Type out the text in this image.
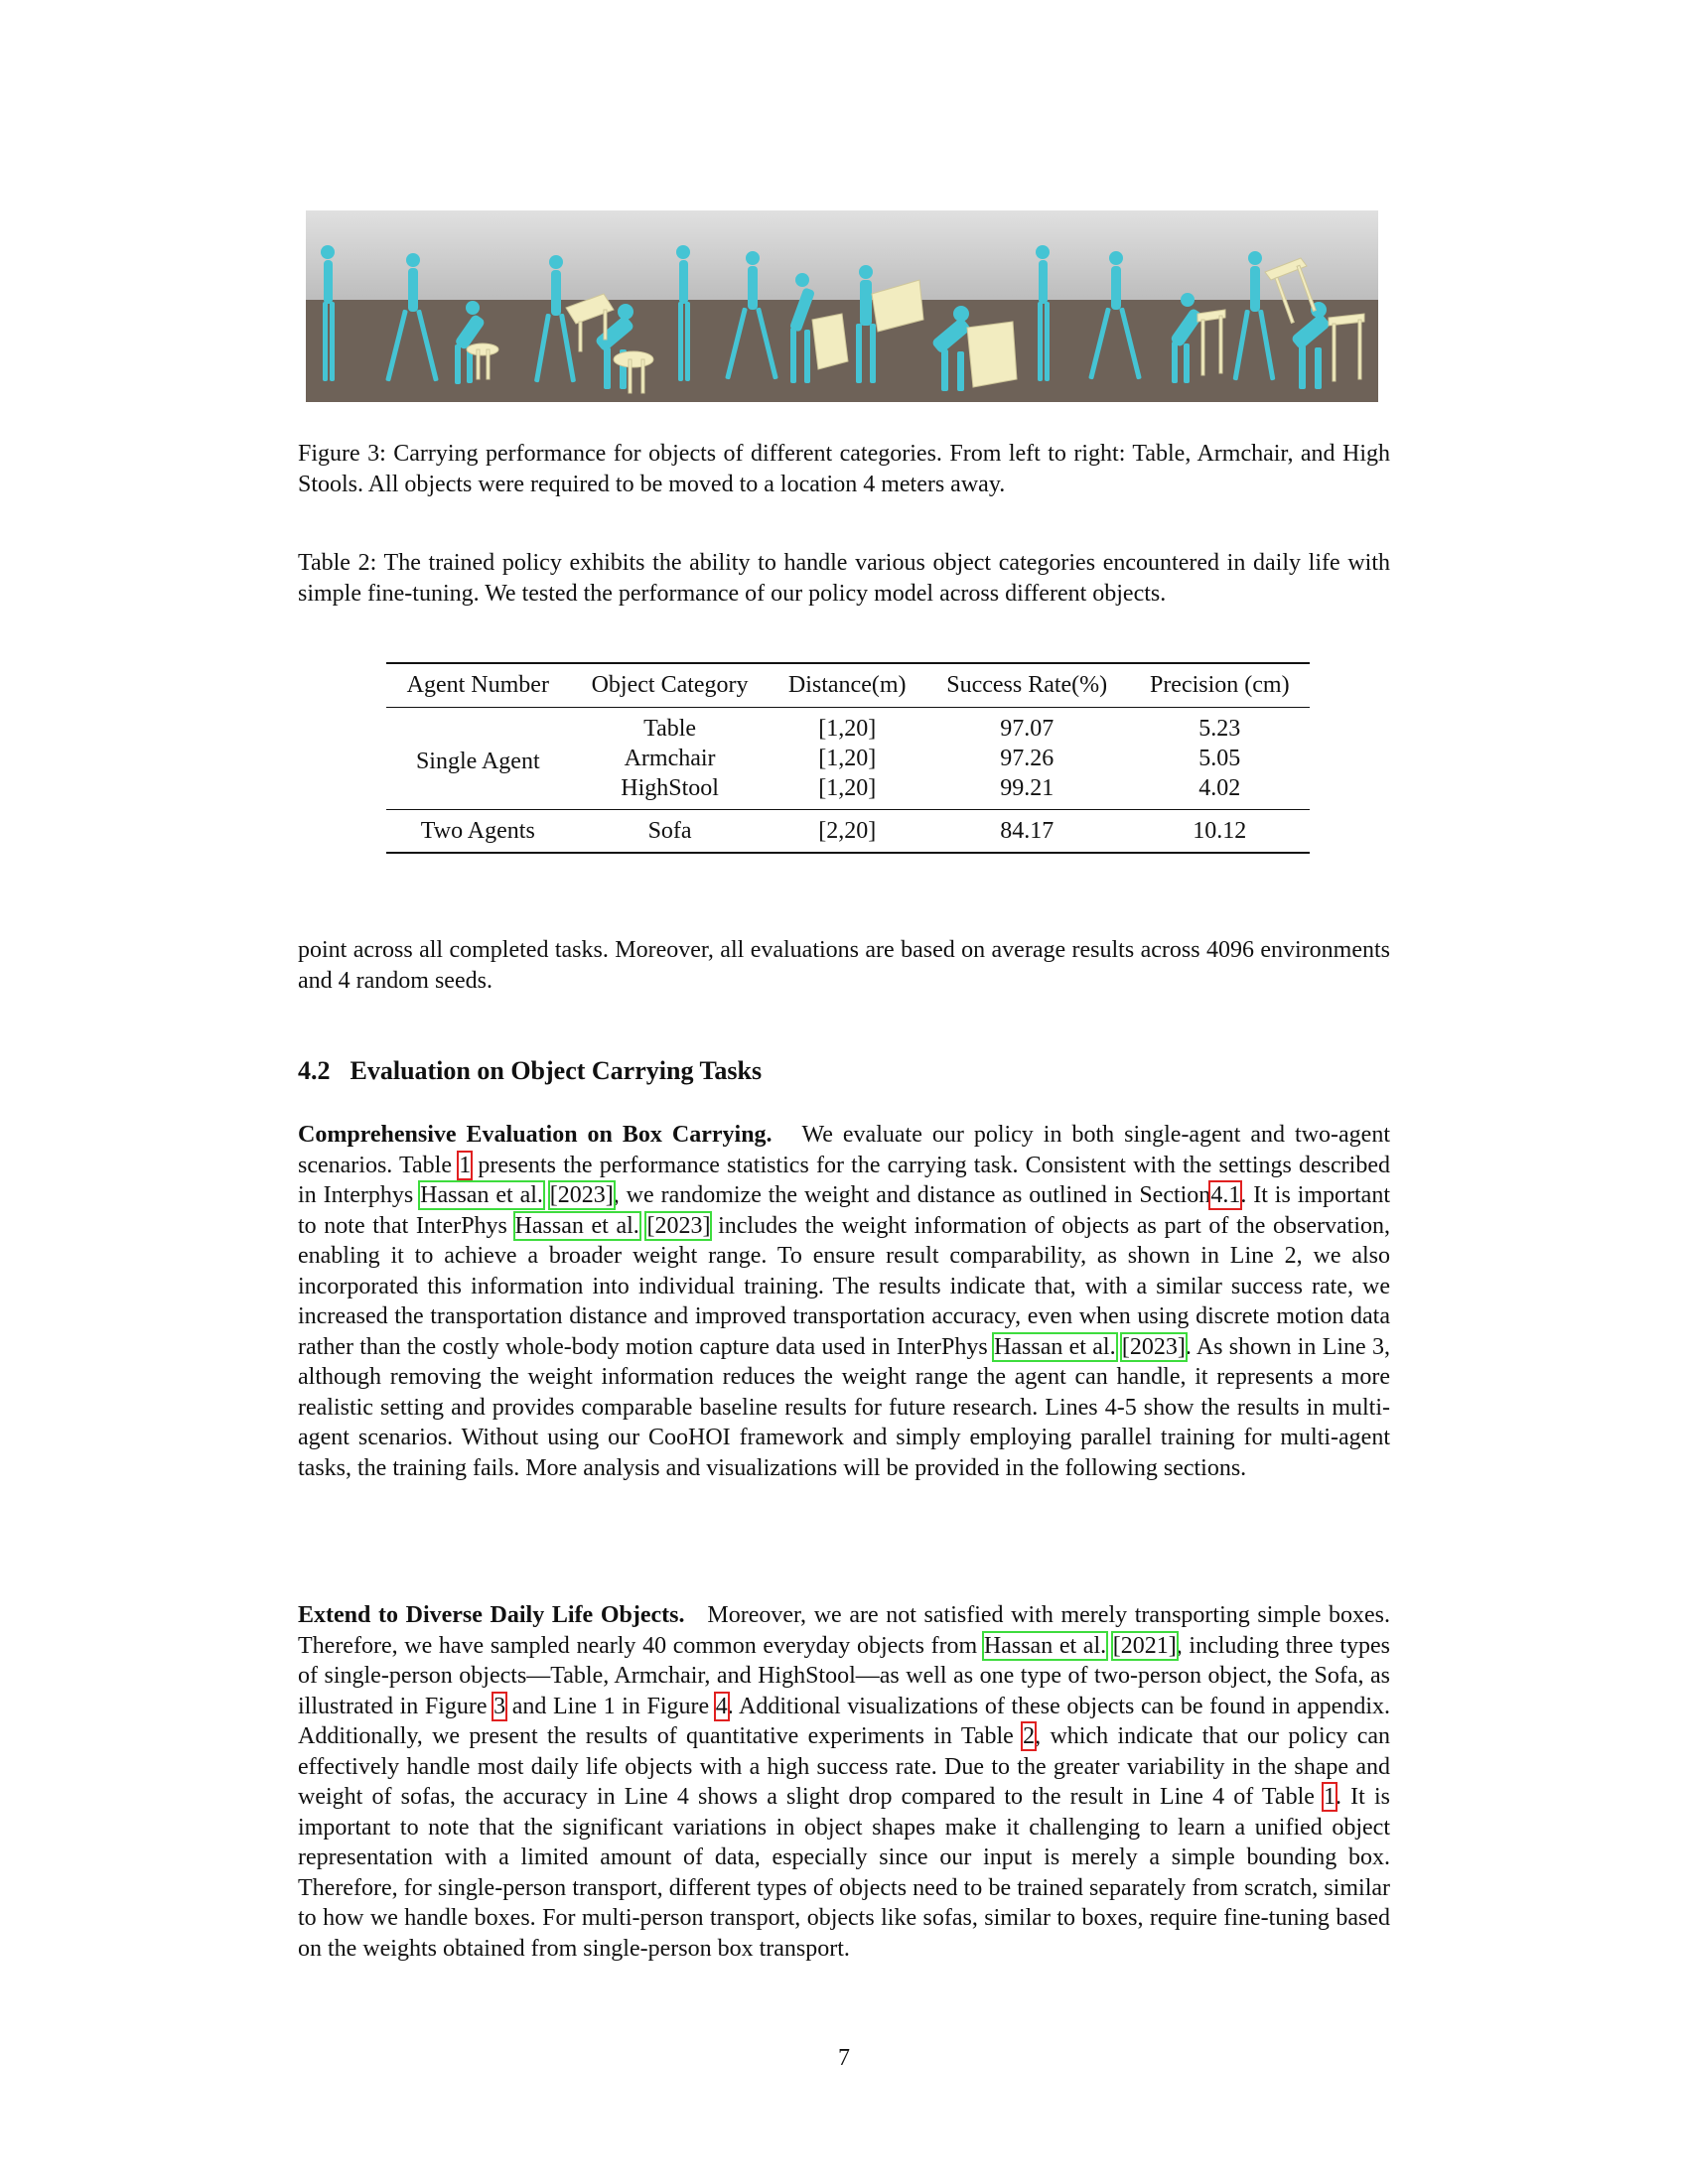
Figure 3: Carrying performance for objects of different categories. From left to right: Table, Armchair, and High Stools. All objects were required to be moved to a location 4 meters away.
Table 2: The trained policy exhibits the ability to handle various object categories encountered in daily life with simple fine-tuning. We tested the performance of our policy model across different objects.
Agent Number	Object Category	Distance(m)	Success Rate(%)	Precision (cm)
Single Agent	Table	[1,20]	97.07	5.23
	Armchair	[1,20]	97.26	5.05
	HighStool	[1,20]	99.21	4.02
Two Agents	Sofa	[2,20]	84.17	10.12
point across all completed tasks. Moreover, all evaluations are based on average results across 4096 environments and 4 random seeds.
4.2 Evaluation on Object Carrying Tasks
Comprehensive Evaluation on Box Carrying. We evaluate our policy in both single-agent and two-agent scenarios. Table 1 presents the performance statistics for the carrying task. Consistent with the settings described in Interphys Hassan et al. [2023], we randomize the weight and distance as outlined in Section4.1. It is important to note that InterPhys Hassan et al. [2023] includes the weight information of objects as part of the observation, enabling it to achieve a broader weight range. To ensure result comparability, as shown in Line 2, we also incorporated this information into individual training. The results indicate that, with a similar success rate, we increased the transportation distance and improved transportation accuracy, even when using discrete motion data rather than the costly whole-body motion capture data used in InterPhys Hassan et al. [2023]. As shown in Line 3, although removing the weight information reduces the weight range the agent can handle, it represents a more realistic setting and provides comparable baseline results for future research. Lines 4-5 show the results in multi-agent scenarios. Without using our CooHOI framework and simply employing parallel training for multi-agent tasks, the training fails. More analysis and visualizations will be provided in the following sections.
Extend to Diverse Daily Life Objects. Moreover, we are not satisfied with merely transporting simple boxes. Therefore, we have sampled nearly 40 common everyday objects from Hassan et al. [2021], including three types of single-person objects—Table, Armchair, and HighStool—as well as one type of two-person object, the Sofa, as illustrated in Figure 3 and Line 1 in Figure 4. Additional visualizations of these objects can be found in appendix. Additionally, we present the results of quantitative experiments in Table 2, which indicate that our policy can effectively handle most daily life objects with a high success rate. Due to the greater variability in the shape and weight of sofas, the accuracy in Line 4 shows a slight drop compared to the result in Line 4 of Table 1. It is important to note that the significant variations in object shapes make it challenging to learn a unified object representation with a limited amount of data, especially since our input is merely a simple bounding box. Therefore, for single-person transport, different types of objects need to be trained separately from scratch, similar to how we handle boxes. For multi-person transport, objects like sofas, similar to boxes, require fine-tuning based on the weights obtained from single-person box transport.
7
